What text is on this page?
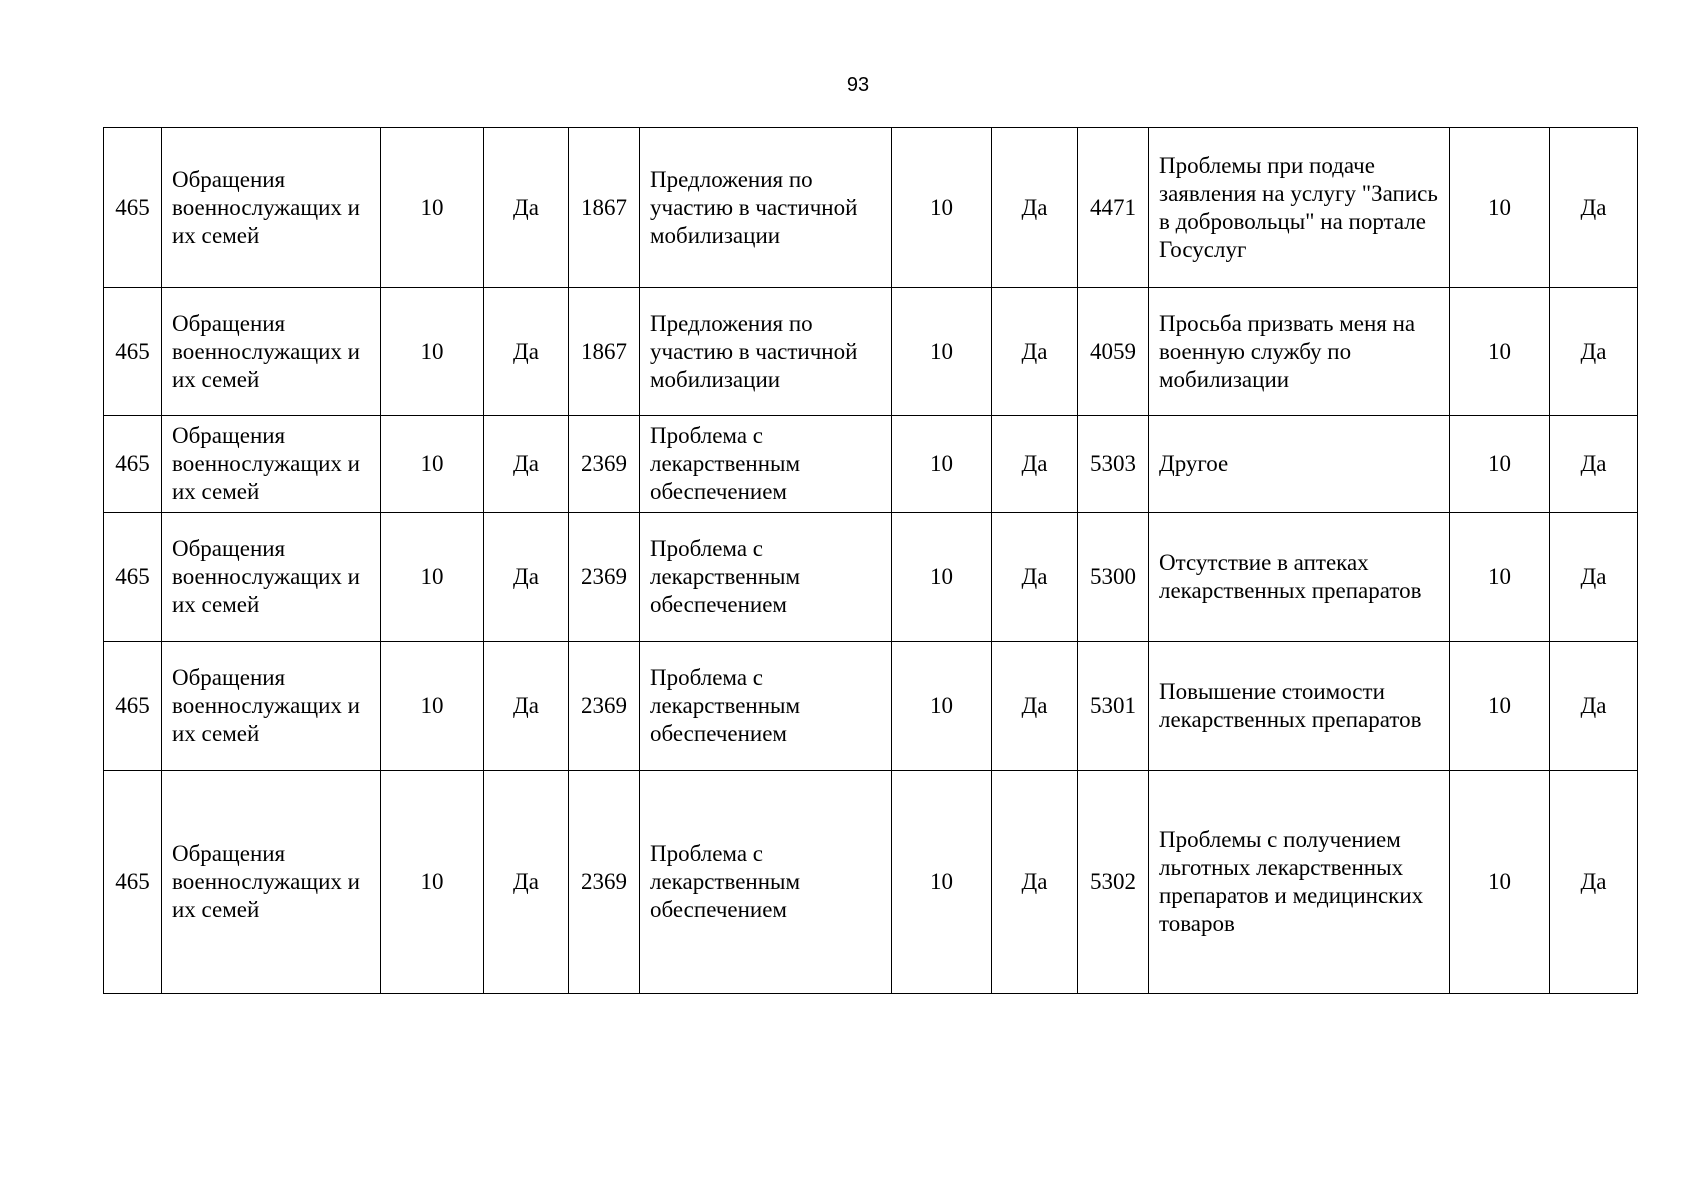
93
465	Обращения военнослужащих и их семей	10	Да	1867	Предложения по участию в частичной мобилизации	10	Да	4471	Проблемы при подаче заявления на услугу "Запись в добровольцы" на портале Госуслуг	10	Да
465	Обращения военнослужащих и их семей	10	Да	1867	Предложения по участию в частичной мобилизации	10	Да	4059	Просьба призвать меня на военную службу по мобилизации	10	Да
465	Обращения военнослужащих и их семей	10	Да	2369	Проблема с лекарственным обеспечением	10	Да	5303	Другое	10	Да
465	Обращения военнослужащих и их семей	10	Да	2369	Проблема с лекарственным обеспечением	10	Да	5300	Отсутствие в аптеках лекарственных препаратов	10	Да
465	Обращения военнослужащих и их семей	10	Да	2369	Проблема с лекарственным обеспечением	10	Да	5301	Повышение стоимости лекарственных препаратов	10	Да
465	Обращения военнослужащих и их семей	10	Да	2369	Проблема с лекарственным обеспечением	10	Да	5302	Проблемы с получением льготных лекарственных препаратов и медицинских товаров	10	Да
